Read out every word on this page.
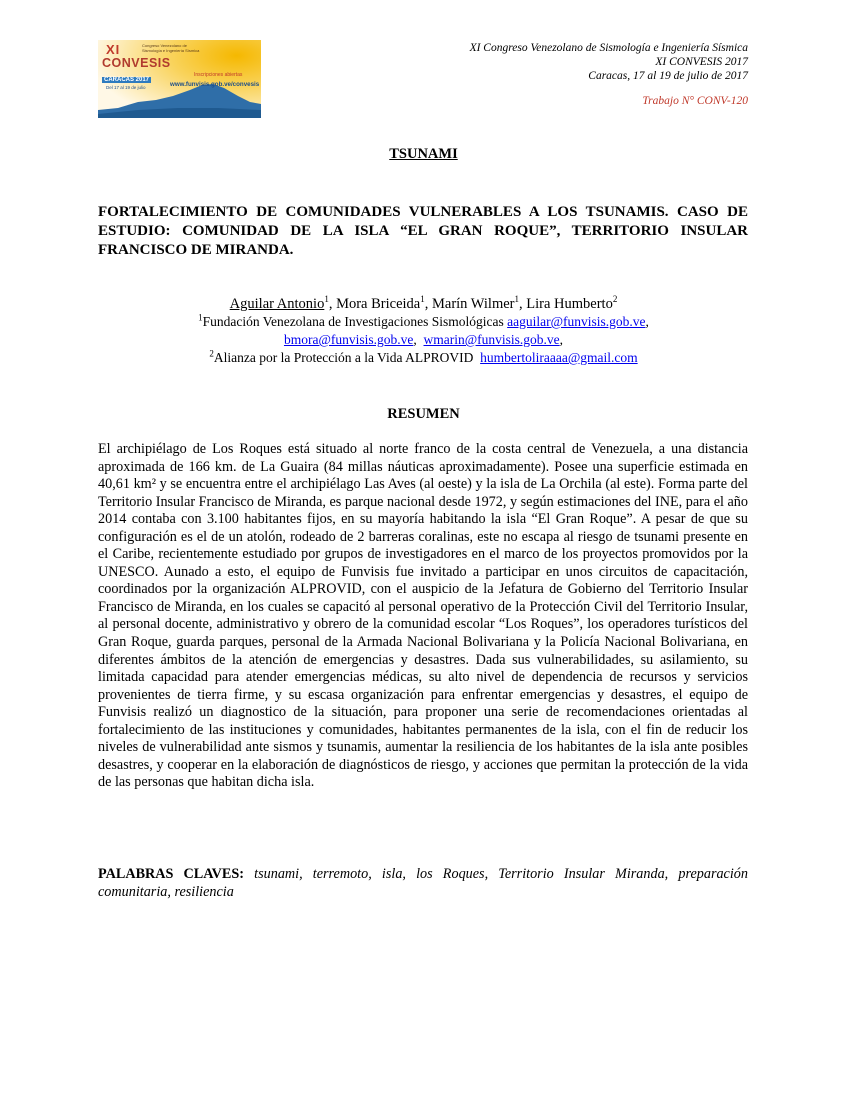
XI
CONVESIS
Congreso Venezolano de Sismología e Ingeniería Sísmica
CARACAS 2017
Del 17 al 19 de julio
Inscripciones abiertas
www.funvisis.gob.ve/convesis
XI Congreso Venezolano de Sismología e Ingeniería Sísmica
XI CONVESIS 2017
Caracas, 17 al 19 de julio de 2017
Trabajo N° CONV-120
TSUNAMI
FORTALECIMIENTO DE COMUNIDADES VULNERABLES A LOS TSUNAMIS. CASO DE ESTUDIO: COMUNIDAD DE LA ISLA “EL GRAN ROQUE”, TERRITORIO INSULAR FRANCISCO DE MIRANDA.
Aguilar Antonio$^1$, Mora Briceida$^1$, Marín Wilmer$^1$, Lira Humberto$^2$
$^1$Fundación Venezolana de Investigaciones Sismológicas aaguilar@funvisis.gob.ve,
bmora@funvisis.gob.ve,  wmarin@funvisis.gob.ve,
$^2$Alianza por la Protección a la Vida ALPROVID  humbertoliraaaa@gmail.com
RESUMEN

El archipiélago de Los Roques está situado al norte franco de la costa central de Venezuela, a una distancia aproximada de 166 km. de La Guaira (84 millas náuticas aproximadamente). Posee una superficie estimada en 40,61 km² y se encuentra entre el archipiélago Las Aves (al oeste) y la isla de La Orchila (al este). Forma parte del Territorio Insular Francisco de Miranda, es parque nacional desde 1972, y según estimaciones del INE, para el año 2014 contaba con 3.100 habitantes fijos, en su mayoría habitando la isla “El Gran Roque”. A pesar de que su configuración es el de un atolón, rodeado de 2 barreras coralinas, este no escapa al riesgo de tsunami presente en el Caribe, recientemente estudiado por grupos de investigadores en el marco de los proyectos promovidos por la UNESCO. Aunado a esto, el equipo de Funvisis fue invitado a participar en unos circuitos de capacitación, coordinados por la organización ALPROVID, con el auspicio de la Jefatura de Gobierno del Territorio Insular Francisco de Miranda, en los cuales se capacitó al personal operativo de la Protección Civil del Territorio Insular, al personal docente, administrativo y obrero de la comunidad escolar “Los Roques”, los operadores turísticos del Gran Roque, guarda parques, personal de la Armada Nacional Bolivariana y la Policía Nacional Bolivariana, en diferentes ámbitos de la atención de emergencias y desastres. Dada sus vulnerabilidades, su asilamiento, su limitada capacidad para atender emergencias médicas, su alto nivel de dependencia de recursos y servicios provenientes de tierra firme, y su escasa organización para enfrentar emergencias y desastres, el equipo de Funvisis realizó un diagnostico de la situación, para proponer una serie de recomendaciones orientadas al fortalecimiento de las instituciones y comunidades, habitantes permanentes de la isla, con el fin de reducir los niveles de vulnerabilidad ante sismos y tsunamis, aumentar la resiliencia de los habitantes de la isla ante posibles desastres, y cooperar en la elaboración de diagnósticos de riesgo, y acciones que permitan la protección de la vida de las personas que habitan dicha isla.

PALABRAS CLAVES: tsunami, terremoto, isla, los Roques, Territorio Insular Miranda, preparación comunitaria, resiliencia
